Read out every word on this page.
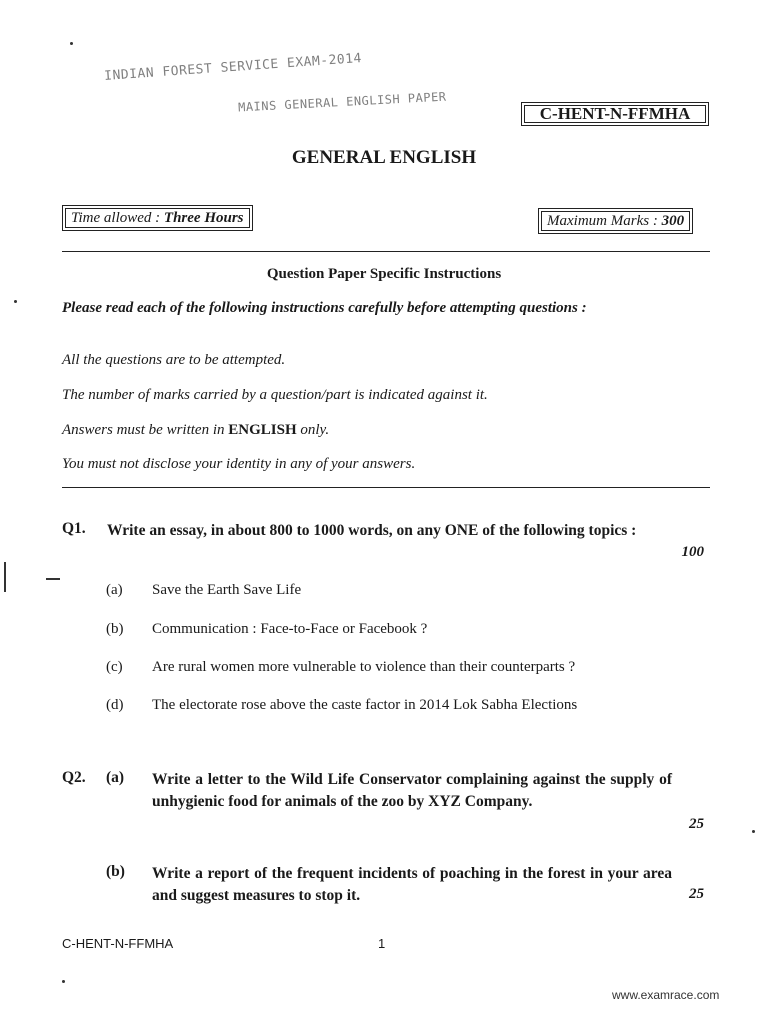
INDIAN FOREST SERVICE EXAM-2014
MAINS GENERAL ENGLISH PAPER	C-HENT-N-FFMHA
GENERAL ENGLISH
Time allowed : Three Hours	Maximum Marks : 300
Question Paper Specific Instructions
Please read each of the following instructions carefully before attempting questions :
All the questions are to be attempted.
The number of marks carried by a question/part is indicated against it.
Answers must be written in ENGLISH only.
You must not disclose your identity in any of your answers.
Q1. Write an essay, in about 800 to 1000 words, on any ONE of the following topics :
100
(a) Save the Earth Save Life
(b) Communication : Face-to-Face or Facebook ?
(c) Are rural women more vulnerable to violence than their counterparts ?
(d) The electorate rose above the caste factor in 2014 Lok Sabha Elections
Q2. (a) Write a letter to the Wild Life Conservator complaining against the supply of unhygienic food for animals of the zoo by XYZ Company.
25
(b) Write a report of the frequent incidents of poaching in the forest in your area and suggest measures to stop it.	25
C-HENT-N-FFMHA	1
www.examrace.com
